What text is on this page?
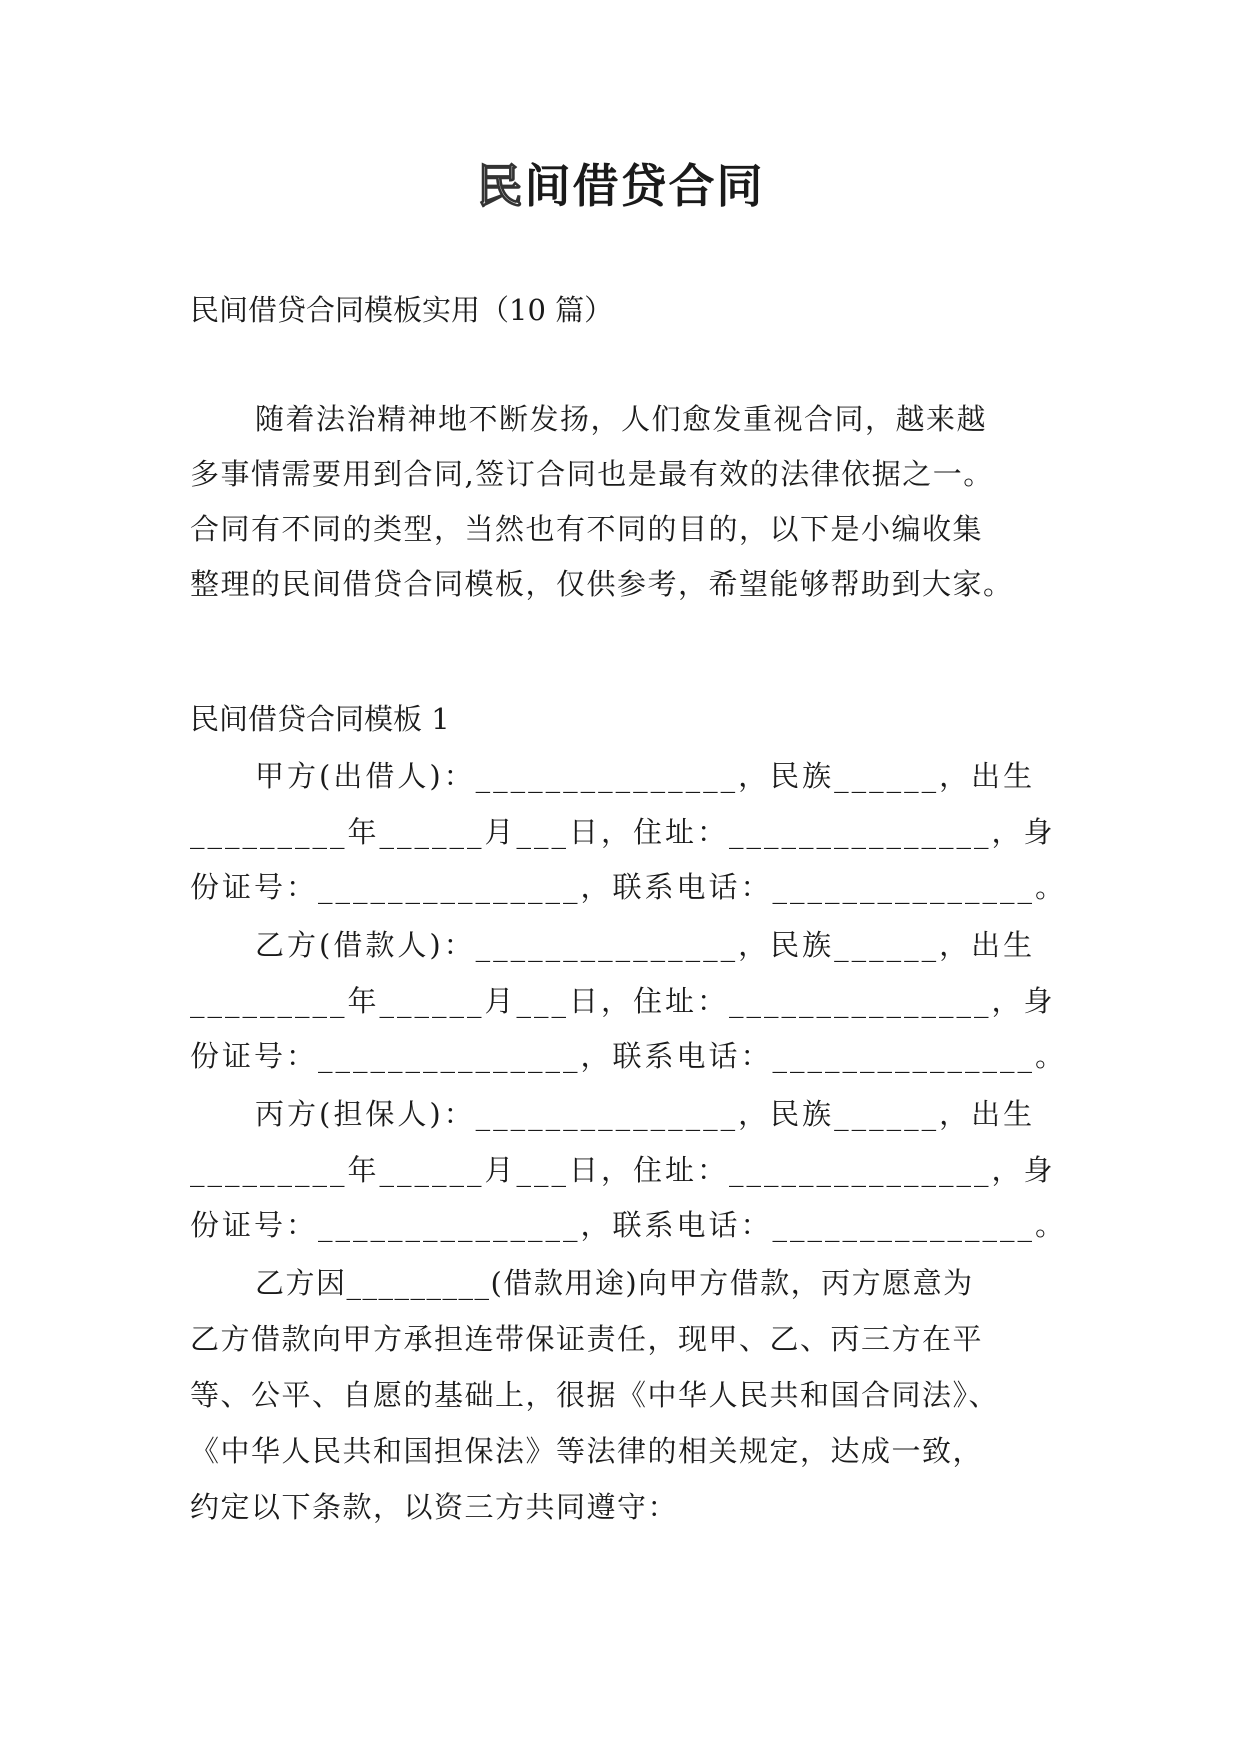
民间借贷合同

民间借贷合同模板实用（10 篇）

随着法治精神地不断发扬，人们愈发重视合同，越来越

多事情需要用到合同,签订合同也是最有效的法律依据之一。

合同有不同的类型，当然也有不同的目的，以下是小编收集

整理的民间借贷合同模板，仅供参考，希望能够帮助到大家。

民间借贷合同模板 1

甲方(出借人)：_______________，民族______，出生

_________年______月___日，住址：_______________，身

份证号：_______________，联系电话：_______________。

乙方(借款人)：_______________，民族______，出生

_________年______月___日，住址：_______________，身

份证号：_______________，联系电话：_______________。

丙方(担保人)：_______________，民族______，出生

_________年______月___日，住址：_______________，身

份证号：_______________，联系电话：_______________。

乙方因_________(借款用途)向甲方借款，丙方愿意为

乙方借款向甲方承担连带保证责任，现甲、乙、丙三方在平

等、公平、自愿的基础上，很据《中华人民共和国合同法》、

《中华人民共和国担保法》等法律的相关规定，达成一致，

约定以下条款，以资三方共同遵守：
